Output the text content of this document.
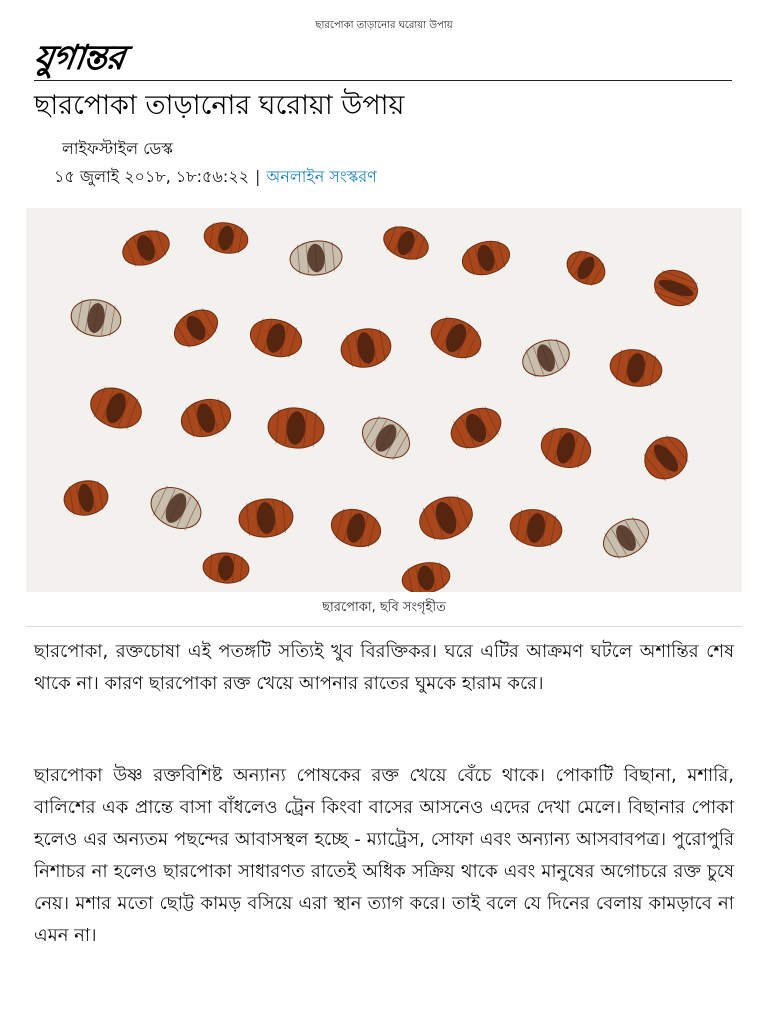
ছারপোকা তাড়ানোর ঘরোয়া উপায়
যুগান্তর
ছারপোকা তাড়ানোর ঘরোয়া উপায়
লাইফস্টাইল ডেস্ক
১৫ জুলাই ২০১৮, ১৮:৫৬:২২ | অনলাইন সংস্করণ
ছারপোকা, ছবি সংগৃহীত

ছারপোকা, রক্তচোষা এই পতঙ্গটি সত্যিই খুব বিরক্তিকর। ঘরে এটির আক্রমণ ঘটলে অশান্তির শেষ থাকে না। কারণ ছারপোকা রক্ত খেয়ে আপনার রাতের ঘুমকে হারাম করে।

ছারপোকা উষ্ণ রক্তবিশিষ্ট অন্যান্য পোষকের রক্ত খেয়ে বেঁচে থাকে। পোকাটি বিছানা, মশারি, বালিশের এক প্রান্তে বাসা বাঁধলেও ট্রেন কিংবা বাসের আসনেও এদের দেখা মেলে। বিছানার পোকা হলেও এর অন্যতম পছন্দের আবাসস্থল হচ্ছে - ম্যাট্রেস, সোফা এবং অন্যান্য আসবাবপত্র। পুরোপুরি নিশাচর না হলেও ছারপোকা সাধারণত রাতেই অধিক সক্রিয় থাকে এবং মানুষের অগোচরে রক্ত চুষে নেয়। মশার মতো ছোট্ট কামড় বসিয়ে এরা স্থান ত্যাগ করে। তাই বলে যে দিনের বেলায় কামড়াবে না এমন না।
